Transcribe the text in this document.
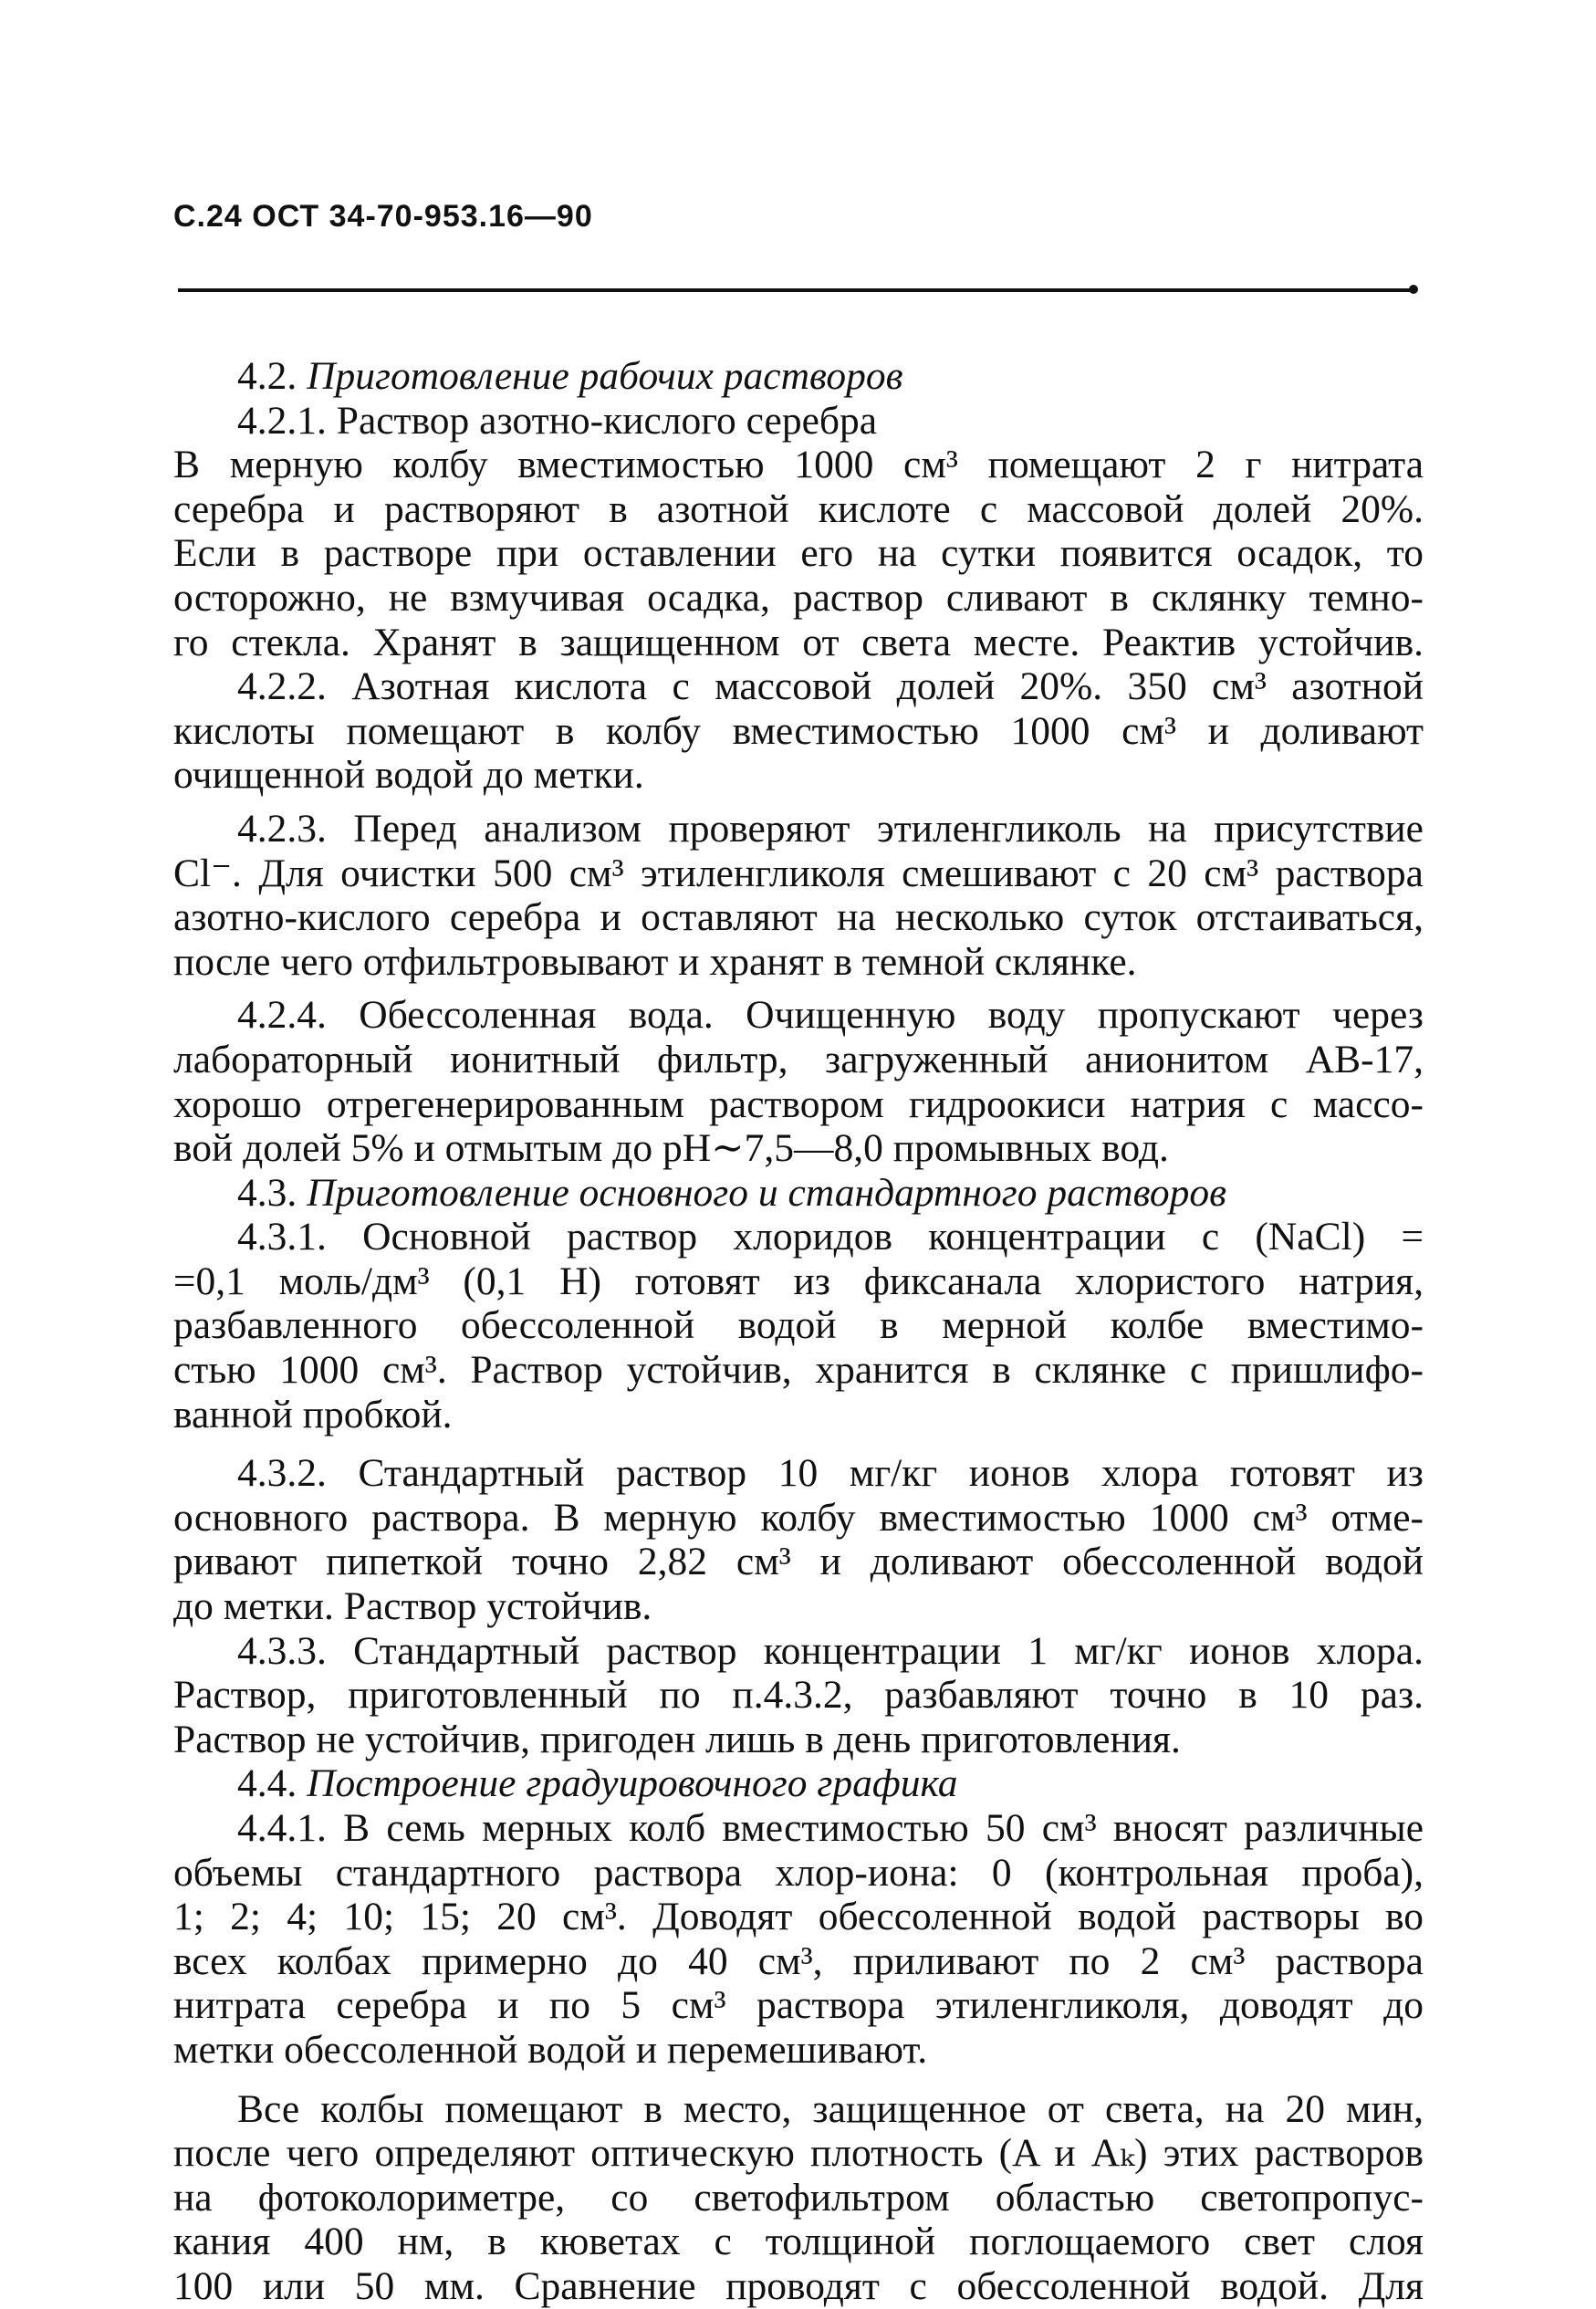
С.24 ОСТ 34-70-953.16—90
4.2. Приготовление рабочих растворов
4.2.1. Раствор азотно-кислого серебра
В мерную колбу вместимостью 1000 см³ помещают 2 г нитрата
серебра и растворяют в азотной кислоте с массовой долей 20%.
Если в растворе при оставлении его на сутки появится осадок, то
осторожно, не взмучивая осадка, раствор сливают в склянку темно-
го стекла. Хранят в защищенном от света месте. Реактив устойчив.
4.2.2. Азотная кислота с массовой долей 20%. 350 см³ азотной
кислоты помещают в колбу вместимостью 1000 см³ и доливают
очищенной водой до метки.
4.2.3. Перед анализом проверяют этиленгликоль на присутствие
Cl⁻. Для очистки 500 см³ этиленгликоля смешивают с 20 см³ раствора
азотно-кислого серебра и оставляют на несколько суток отстаиваться,
после чего отфильтровывают и хранят в темной склянке.
4.2.4. Обессоленная вода. Очищенную воду пропускают через
лабораторный ионитный фильтр, загруженный анионитом АВ-17,
хорошо отрегенерированным раствором гидроокиси натрия с массо-
вой долей 5% и отмытым до pH∼7,5—8,0 промывных вод.
4.3. Приготовление основного и стандартного растворов
4.3.1. Основной раствор хлоридов концентрации c (NaCl) =
=0,1 моль/дм³ (0,1 Н) готовят из фиксанала хлористого натрия,
разбавленного обессоленной водой в мерной колбе вместимо-
стью 1000 см³. Раствор устойчив, хранится в склянке с пришлифо-
ванной пробкой.
4.3.2. Стандартный раствор 10 мг/кг ионов хлора готовят из
основного раствора. В мерную колбу вместимостью 1000 см³ отме-
ривают пипеткой точно 2,82 см³ и доливают обессоленной водой
до метки. Раствор устойчив.
4.3.3. Стандартный раствор концентрации 1 мг/кг ионов хлора.
Раствор, приготовленный по п.4.3.2, разбавляют точно в 10 раз.
Раствор не устойчив, пригоден лишь в день приготовления.
4.4. Построение градуировочного графика
4.4.1. В семь мерных колб вместимостью 50 см³ вносят различные
объемы стандартного раствора хлор-иона: 0 (контрольная проба),
1; 2; 4; 10; 15; 20 см³. Доводят обессоленной водой растворы во
всех колбах примерно до 40 см³, приливают по 2 см³ раствора
нитрата серебра и по 5 см³ раствора этиленгликоля, доводят до
метки обессоленной водой и перемешивают.
Все колбы помещают в место, защищенное от света, на 20 мин,
после чего определяют оптическую плотность (A и Aₖ) этих растворов
на фотоколориметре, со светофильтром областью светопропус-
кания 400 нм, в кюветах с толщиной поглощаемого свет слоя
100 или 50 мм. Сравнение проводят с обессоленной водой. Для
